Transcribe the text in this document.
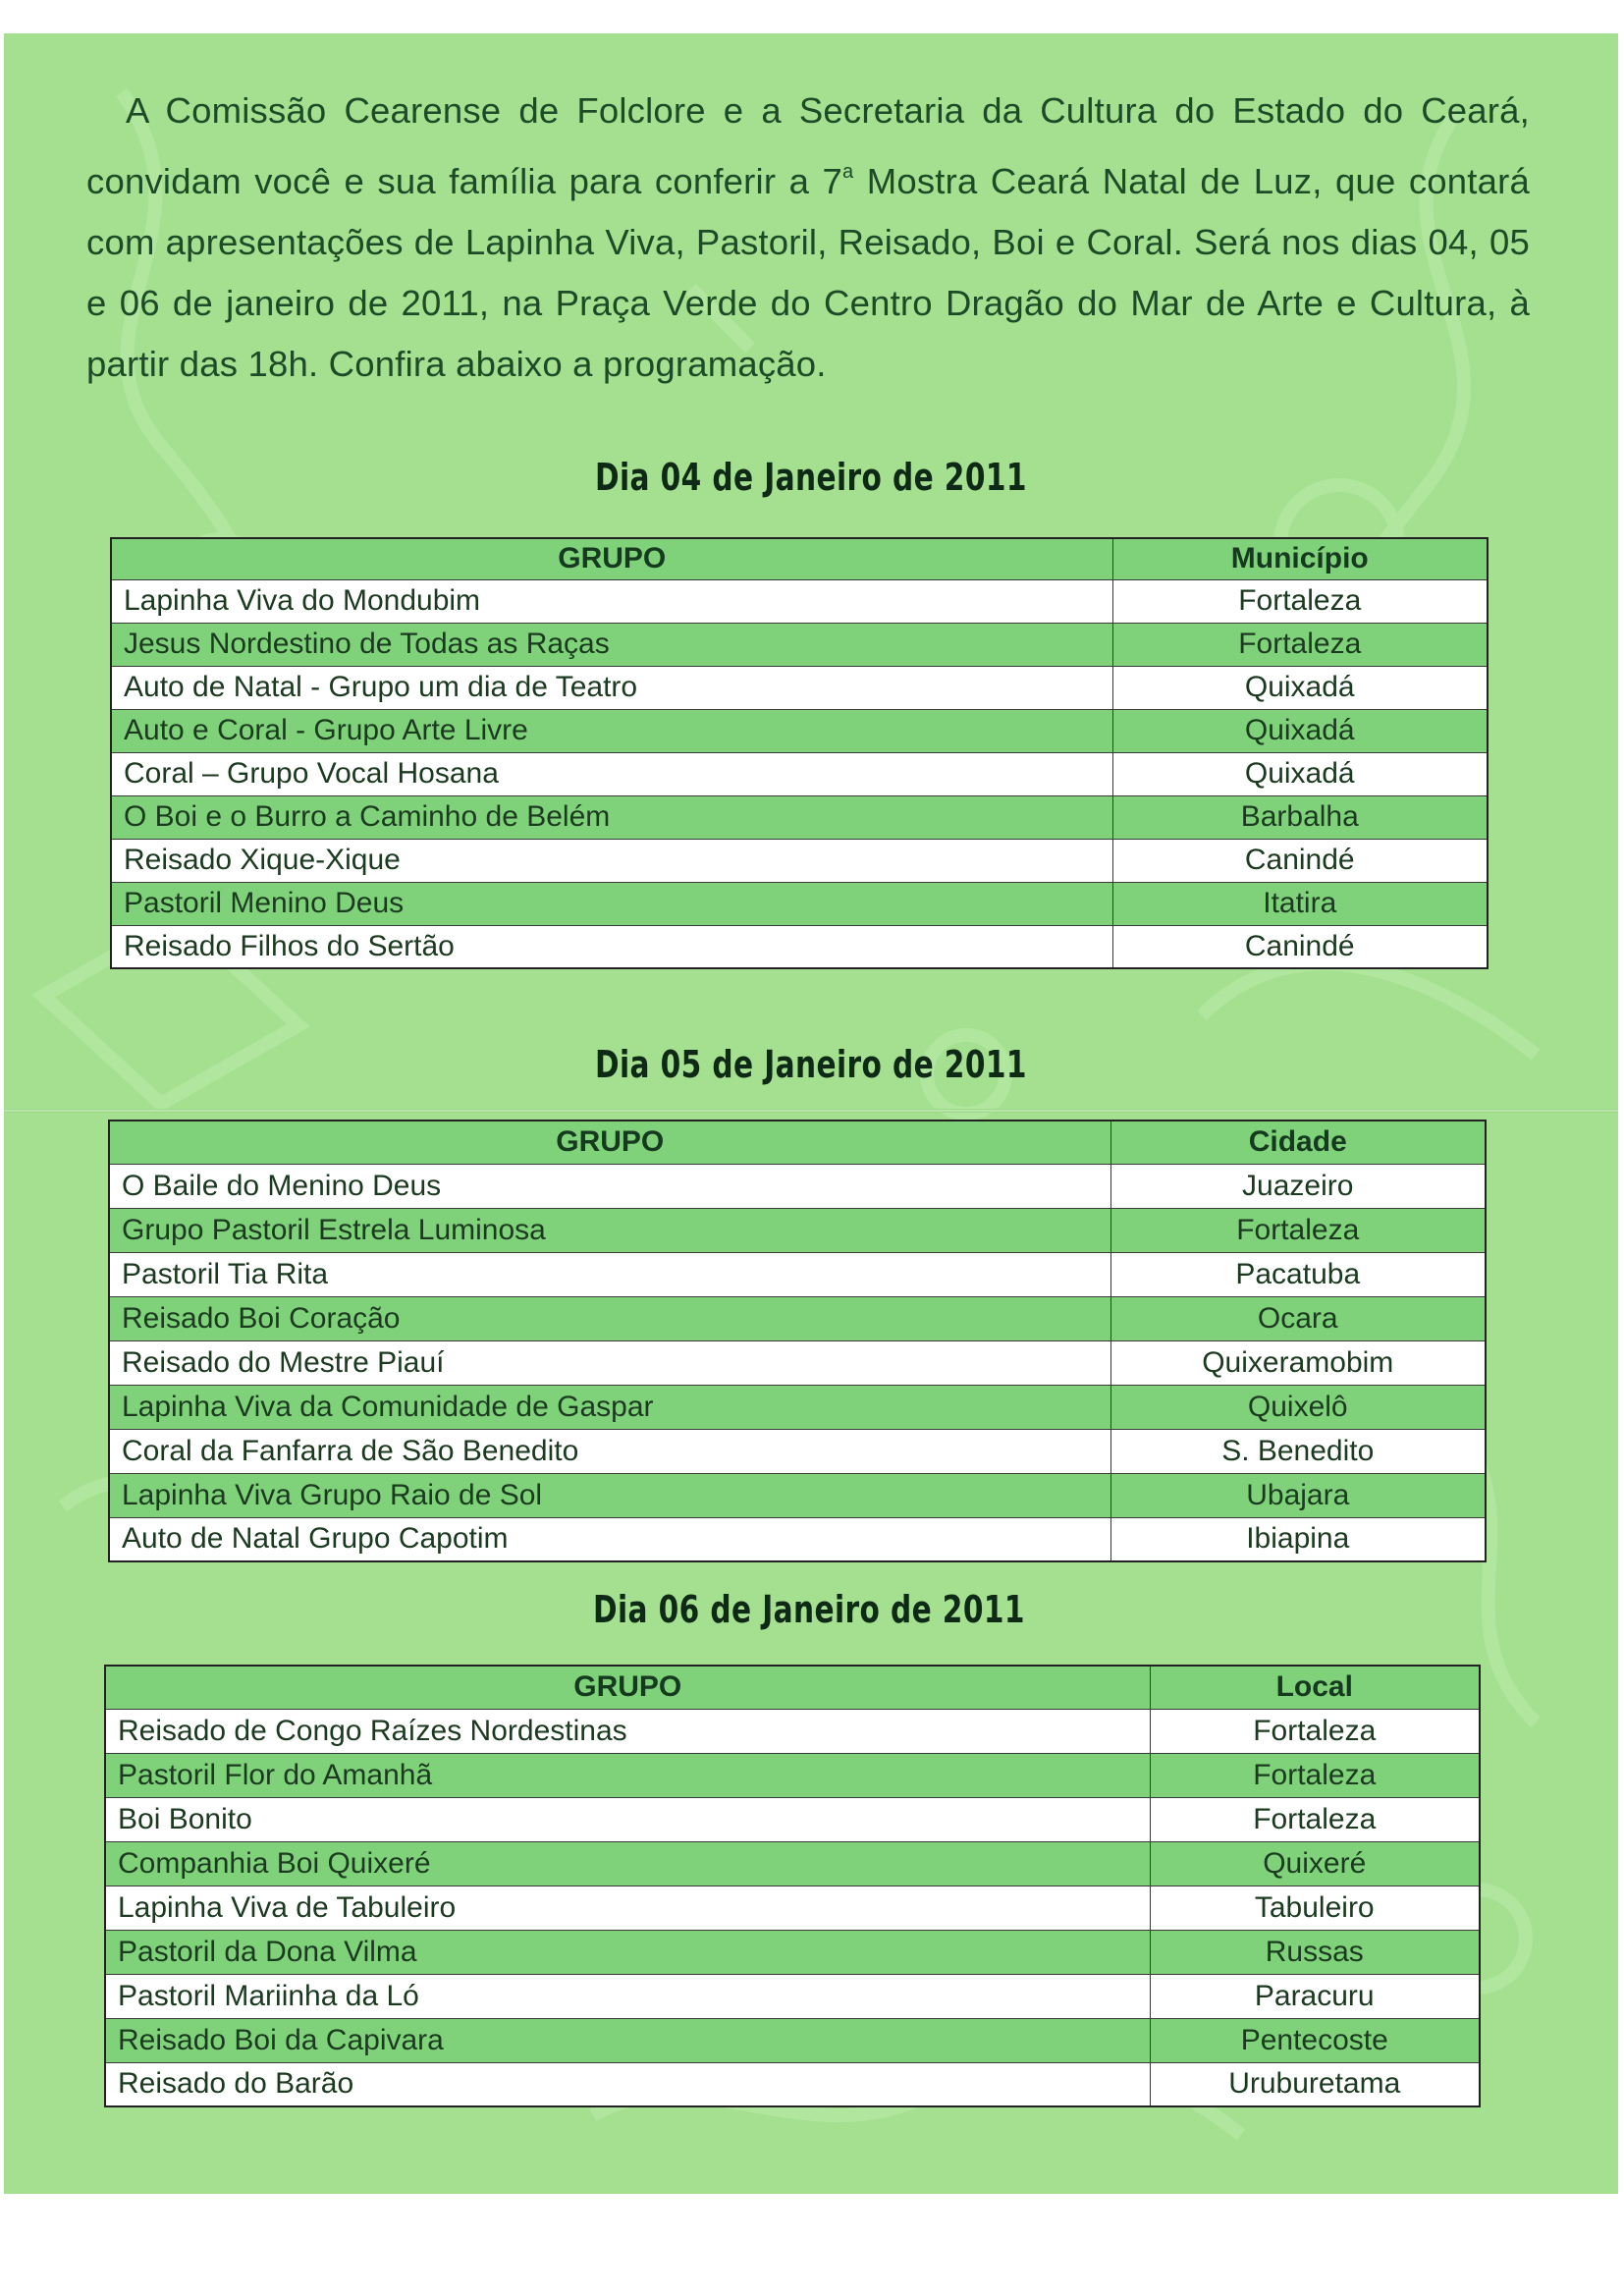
A Comissão Cearense de Folclore e a Secretaria da Cultura do Estado do Ceará, convidam você e sua família para conferir a 7$^a$ Mostra Ceará Natal de Luz, que contará com apresentações de Lapinha Viva, Pastoril, Reisado, Boi e Coral. Será nos dias 04, 05 e 06 de janeiro de 2011, na Praça Verde do Centro Dragão do Mar de Arte e Cultura, à partir das 18h. Confira abaixo a programação.
Dia 04 de Janeiro de 2011
GRUPO	Município
Lapinha Viva do Mondubim	Fortaleza
Jesus Nordestino de Todas as Raças	Fortaleza
Auto de Natal - Grupo um dia de Teatro	Quixadá
Auto e Coral - Grupo Arte Livre	Quixadá
Coral – Grupo Vocal Hosana	Quixadá
O Boi e o Burro a Caminho de Belém	Barbalha
Reisado Xique-Xique	Canindé
Pastoril Menino Deus	Itatira
Reisado Filhos do Sertão	Canindé
Dia 05 de Janeiro de 2011
GRUPO	Cidade
O Baile do Menino Deus	Juazeiro
Grupo Pastoril Estrela Luminosa	Fortaleza
Pastoril Tia Rita	Pacatuba
Reisado Boi Coração	Ocara
Reisado do Mestre Piauí	Quixeramobim
Lapinha Viva da Comunidade de Gaspar	Quixelô
Coral da Fanfarra de São Benedito	S. Benedito
Lapinha Viva Grupo Raio de Sol	Ubajara
Auto de Natal Grupo Capotim	Ibiapina
Dia 06 de Janeiro de 2011
GRUPO	Local
Reisado de Congo Raízes Nordestinas	Fortaleza
Pastoril Flor do Amanhã	Fortaleza
Boi Bonito	Fortaleza
Companhia Boi Quixeré	Quixeré
Lapinha Viva de Tabuleiro	Tabuleiro
Pastoril da Dona Vilma	Russas
Pastoril Mariinha da Ló	Paracuru
Reisado Boi da Capivara	Pentecoste
Reisado do Barão	Uruburetama
